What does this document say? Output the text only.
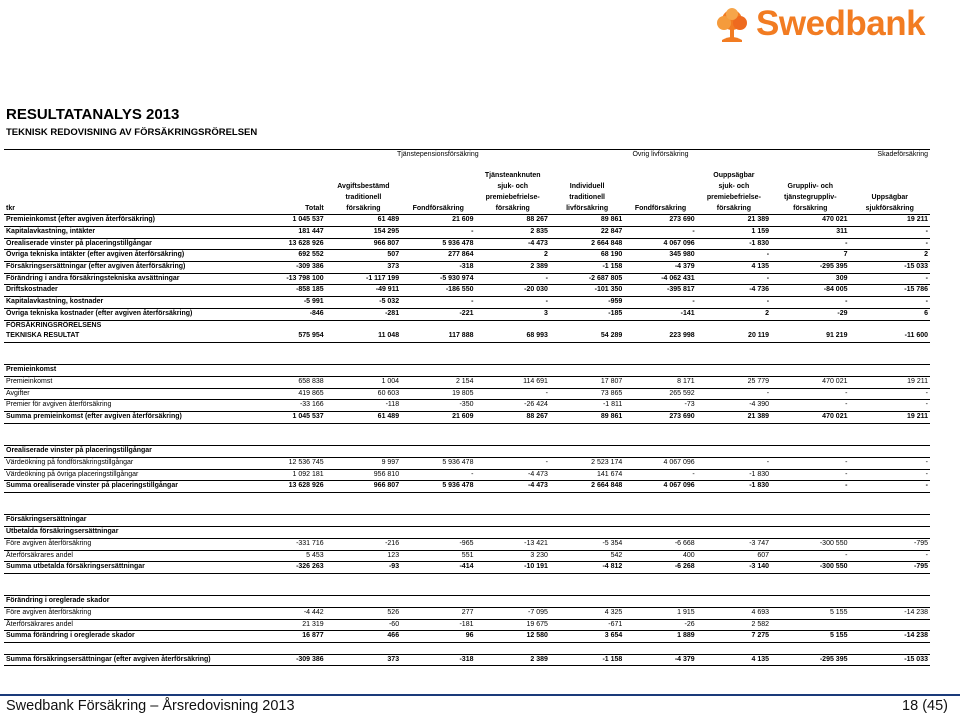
Swedbank
RESULTATANALYS 2013
TEKNISK REDOVISNING AV FÖRSÄKRINGSRÖRELSEN
		Tjänstepensionsförsäkring			Övrig livförsäkring			Skadeförsäkring	

				Tjänsteanknuten			Ouppsägbar		
		Avgiftsbestämd		sjuk- och	Individuell		sjuk- och	Gruppliv- och	
		traditionell		premiebefrielse-	traditionell		premiebefrielse-	tjänstegruppliv-	Uppsägbar
tkr	Totalt	försäkring	Fondförsäkring	försäkring	livförsäkring	Fondförsäkring	försäkring	försäkring	sjukförsäkring
Premieinkomst (efter avgiven återförsäkring)	1 045 537	61 489	21 609	88 267	89 861	273 690	21 389	470 021	19 211
Kapitalavkastning, intäkter	181 447	154 295	-	2 835	22 847	-	1 159	311	-
Orealiserade vinster på placeringstillgångar	13 628 926	966 807	5 936 478	-4 473	2 664 848	4 067 096	-1 830	-	-
Övriga tekniska intäkter (efter avgiven återförsäkring)	692 552	507	277 864	2	68 190	345 980	-	7	2
Försäkringsersättningar (efter avgiven återförsäkring)	-309 386	373	-318	2 389	-1 158	-4 379	4 135	-295 395	-15 033
Förändring i andra försäkringstekniska avsättningar	-13 798 100	-1 117 199	-5 930 974	-	-2 687 805	-4 062 431	-	309	-
Driftskostnader	-858 185	-49 911	-186 550	-20 030	-101 350	-395 817	-4 736	-84 005	-15 786
Kapitalavkastning, kostnader	-5 991	-5 032	-	-	-959	-	-	-	-
Övriga tekniska kostnader (efter avgiven återförsäkring)	-846	-281	-221	3	-185	-141	2	-29	6
FÖRSÄKRINGSRÖRELSENS									
TEKNISKA RESULTAT	575 954	11 048	117 888	68 993	54 289	223 998	20 119	91 219	-11 600

Premieinkomst									
Premieinkomst	658 838	1 004	2 154	114 691	17 807	8 171	25 779	470 021	19 211
Avgifter	419 865	60 603	19 805	-	73 865	265 592	-	-	-
Premier för avgiven återförsäkring	-33 166	-118	-350	-26 424	-1 811	-73	-4 390	-	-
Summa premieinkomst (efter avgiven återförsäkring)	1 045 537	61 489	21 609	88 267	89 861	273 690	21 389	470 021	19 211

Orealiserade vinster på placeringstillgångar									
Värdeökning på fondförsäkringstillgångar	12 536 745	9 997	5 936 478	-	2 523 174	4 067 096	-	-	-
Värdeökning på övriga placeringstillgångar	1 092 181	956 810	-	-4 473	141 674	-	-1 830	-	-
Summa orealiserade vinster på placeringstillgångar	13 628 926	966 807	5 936 478	-4 473	2 664 848	4 067 096	-1 830	-	-

Försäkringsersättningar									
Utbetalda försäkringsersättningar									
Före avgiven återförsäkring	-331 716	-216	-965	-13 421	-5 354	-6 668	-3 747	-300 550	-795
Återförsäkrares andel	5 453	123	551	3 230	542	400	607	-	-
Summa utbetalda försäkringsersättningar	-326 263	-93	-414	-10 191	-4 812	-6 268	-3 140	-300 550	-795

Förändring i oreglerade skador									
Före avgiven återförsäkring	-4 442	526	277	-7 095	4 325	1 915	4 693	5 155	-14 238
Återförsäkrares andel	21 319	-60	-181	19 675	-671	-26	2 582		
Summa förändring i oreglerade skador	16 877	466	96	12 580	3 654	1 889	7 275	5 155	-14 238

Summa försäkringsersättningar (efter avgiven återförsäkring)	-309 386	373	-318	2 389	-1 158	-4 379	4 135	-295 395	-15 033
Swedbank Försäkring – Årsredovisning 2013	18 (45)
